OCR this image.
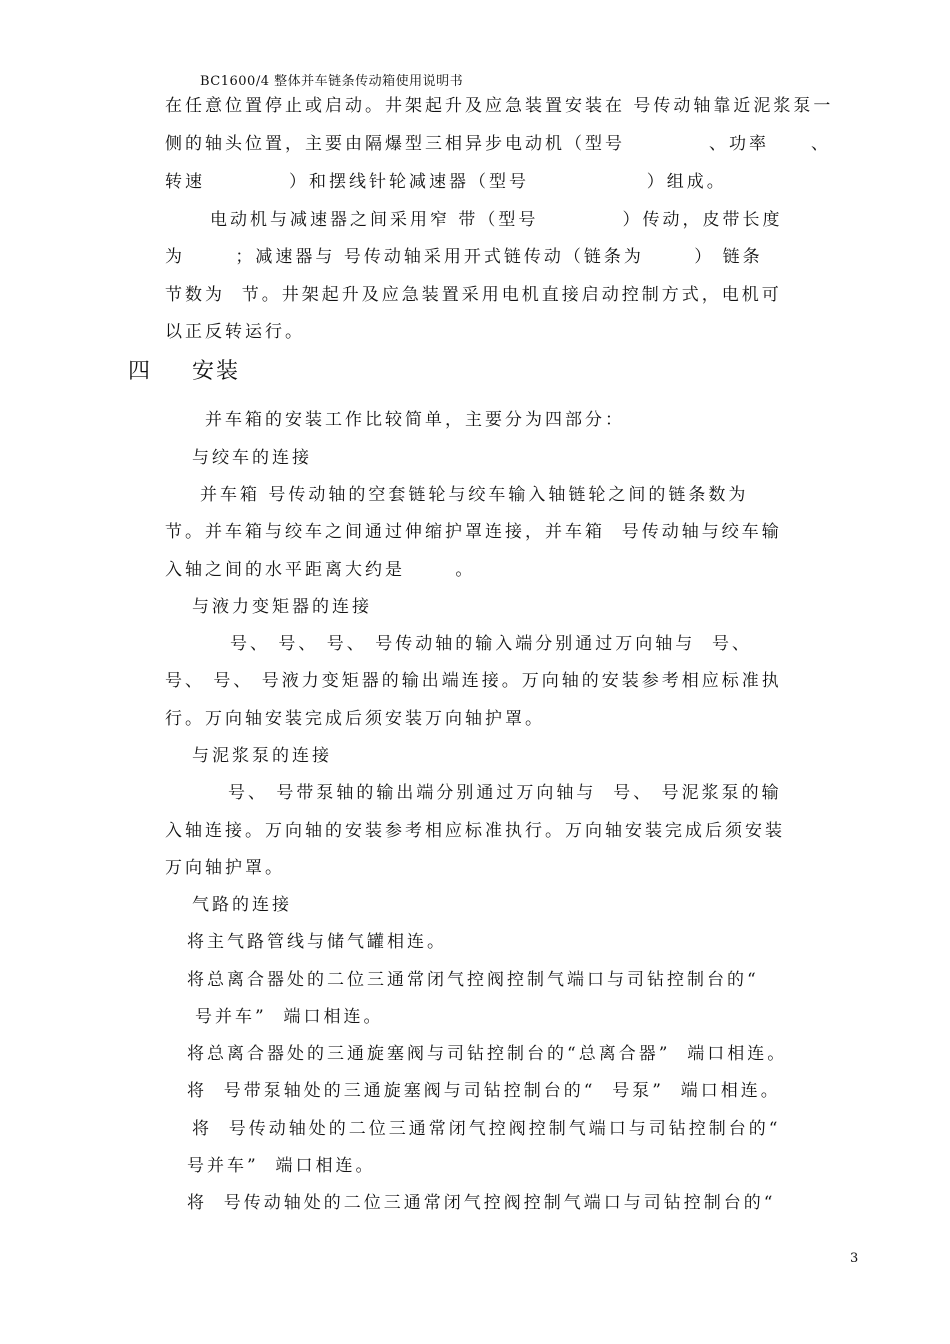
BC1600/4 整体并车链条传动箱使用说明书
在任意位置停止或启动。井架起升及应急装置安装在 号传动轴靠近泥浆泵一
侧的轴头位置，主要由隔爆型三相异步电动机（型号          、功率     、
转速          ）和摆线针轮减速器（型号              ）组成。
电动机与减速器之间采用窄 带（型号          ）传动，皮带长度
为      ；减速器与 号传动轴采用开式链传动（链条为      ） 链条
节数为  节。井架起升及应急装置采用电机直接启动控制方式，电机可
以正反转运行。
四 安装
并车箱的安装工作比较简单，主要分为四部分：
与绞车的连接
并车箱 号传动轴的空套链轮与绞车输入轴链轮之间的链条数为
节。并车箱与绞车之间通过伸缩护罩连接，并车箱  号传动轴与绞车输
入轴之间的水平距离大约是      。
与液力变矩器的连接
号、 号、 号、 号传动轴的输入端分别通过万向轴与  号、
号、 号、 号液力变矩器的输出端连接。万向轴的安装参考相应标准执
行。万向轴安装完成后须安装万向轴护罩。
与泥浆泵的连接
号、 号带泵轴的输出端分别通过万向轴与  号、 号泥浆泵的输
入轴连接。万向轴的安装参考相应标准执行。万向轴安装完成后须安装
万向轴护罩。
气路的连接
将主气路管线与储气罐相连。
将总离合器处的二位三通常闭气控阀控制气端口与司钻控制台的“
号并车”  端口相连。
将总离合器处的三通旋塞阀与司钻控制台的“总离合器”  端口相连。
将  号带泵轴处的三通旋塞阀与司钻控制台的“  号泵”  端口相连。
将  号传动轴处的二位三通常闭气控阀控制气端口与司钻控制台的“
号并车”  端口相连。
将  号传动轴处的二位三通常闭气控阀控制气端口与司钻控制台的“
3
